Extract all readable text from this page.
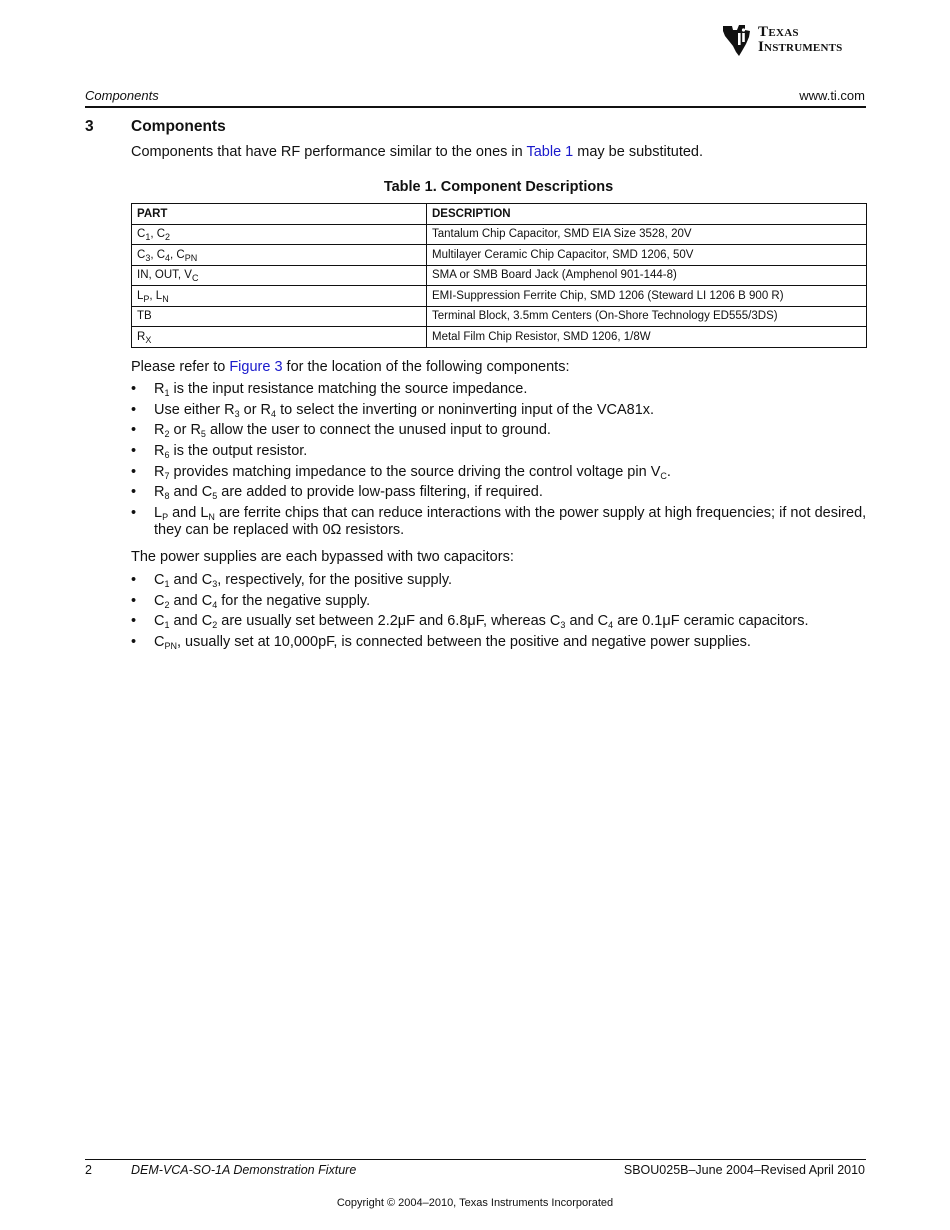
TEXAS
INSTRUMENTS
Components	www.ti.com
3 Components
Components that have RF performance similar to the ones in Table 1 may be substituted.
Table 1. Component Descriptions
PART	DESCRIPTION
$C_1$, $C_2$	Tantalum Chip Capacitor, SMD EIA Size 3528, 20V
$C_3$, $C_4$, $C_{PN}$	Multilayer Ceramic Chip Capacitor, SMD 1206, 50V
IN, OUT, $V_C$	SMA or SMB Board Jack (Amphenol 901-144-8)
$L_P$, $L_N$	EMI-Suppression Ferrite Chip, SMD 1206 (Steward LI 1206 B 900 R)
TB	Terminal Block, 3.5mm Centers (On-Shore Technology ED555/3DS)
$R_X$	Metal Film Chip Resistor, SMD 1206, 1/8W
Please refer to Figure 3 for the location of the following components:
• $R_1$ is the input resistance matching the source impedance.
• Use either $R_3$ or $R_4$ to select the inverting or noninverting input of the VCA81x.
• $R_2$ or $R_5$ allow the user to connect the unused input to ground.
• $R_6$ is the output resistor.
• $R_7$ provides matching impedance to the source driving the control voltage pin $V_C$.
• $R_8$ and $C_5$ are added to provide low-pass filtering, if required.
• $L_P$ and $L_N$ are ferrite chips that can reduce interactions with the power supply at high frequencies; if not desired, they can be replaced with 0Ω resistors.
The power supplies are each bypassed with two capacitors:
• $C_1$ and $C_3$, respectively, for the positive supply.
• $C_2$ and $C_4$ for the negative supply.
• $C_1$ and $C_2$ are usually set between 2.2μF and 6.8μF, whereas $C_3$ and $C_4$ are 0.1μF ceramic capacitors.
• $C_{PN}$, usually set at 10,000pF, is connected between the positive and negative power supplies.
2	DEM-VCA-SO-1A Demonstration Fixture	SBOU025B–June 2004–Revised April 2010
Copyright © 2004–2010, Texas Instruments Incorporated
